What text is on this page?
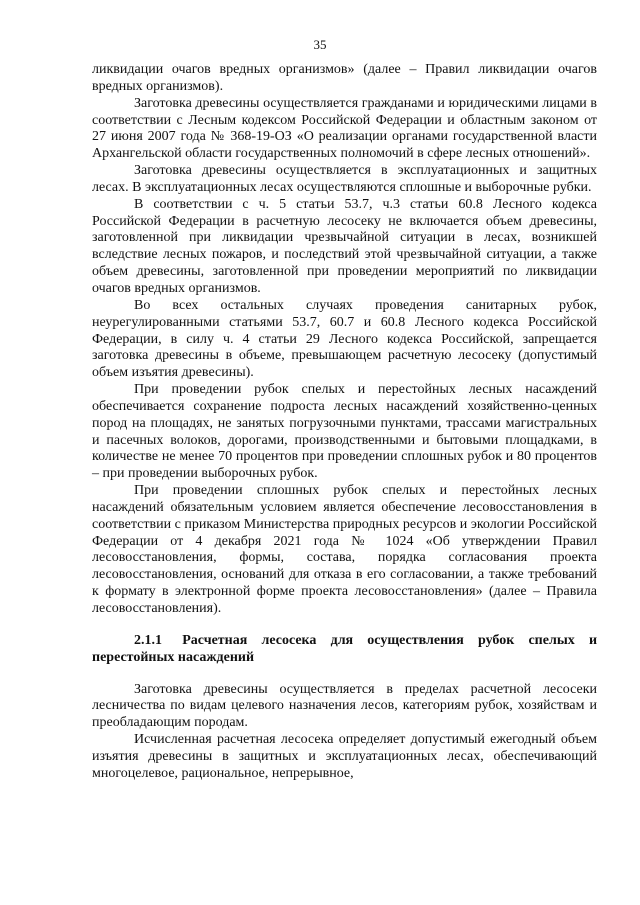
35

ликвидации очагов вредных организмов» (далее – Правил ликвидации очагов вредных организмов).

Заготовка древесины осуществляется гражданами и юридическими лицами в соответствии с Лесным кодексом Российской Федерации и областным законом от 27 июня 2007 года № 368-19-ОЗ «О реализации органами государственной власти Архангельской области государственных полномочий в сфере лесных отношений».

Заготовка древесины осуществляется в эксплуатационных и защитных лесах. В эксплуатационных лесах осуществляются сплошные и выборочные рубки.

В соответствии с ч. 5 статьи 53.7, ч.3 статьи 60.8 Лесного кодекса Российской Федерации в расчетную лесосеку не включается объем древесины, заготовленной при ликвидации чрезвычайной ситуации в лесах, возникшей вследствие лесных пожаров, и последствий этой чрезвычайной ситуации, а также объем древесины, заготовленной при проведении мероприятий по ликвидации очагов вредных организмов.

Во всех остальных случаях проведения санитарных рубок, неурегулированными статьями 53.7, 60.7 и 60.8 Лесного кодекса Российской Федерации, в силу ч. 4 статьи 29 Лесного кодекса Российской, запрещается заготовка древесины в объеме, превышающем расчетную лесосеку (допустимый объем изъятия древесины).

При проведении рубок спелых и перестойных лесных насаждений обеспечивается сохранение подроста лесных насаждений хозяйственно-ценных пород на площадях, не занятых погрузочными пунктами, трассами магистральных и пасечных волоков, дорогами, производственными и бытовыми площадками, в количестве не менее 70 процентов при проведении сплошных рубок и 80 процентов – при проведении выборочных рубок.

При проведении сплошных рубок спелых и перестойных лесных насаждений обязательным условием является обеспечение лесовосстановления в соответствии с приказом Министерства природных ресурсов и экологии Российской Федерации от 4 декабря 2021 года № 1024 «Об утверждении Правил лесовосстановления, формы, состава, порядка согласования проекта лесовосстановления, оснований для отказа в его согласовании, а также требований к формату в электронной форме проекта лесовосстановления» (далее – Правила лесовосстановления).

2.1.1 Расчетная лесосека для осуществления рубок спелых и перестойных насаждений

Заготовка древесины осуществляется в пределах расчетной лесосеки лесничества по видам целевого назначения лесов, категориям рубок, хозяйствам и преобладающим породам.

Исчисленная расчетная лесосека определяет допустимый ежегодный объем изъятия древесины в защитных и эксплуатационных лесах, обеспечивающий многоцелевое, рациональное, непрерывное,
